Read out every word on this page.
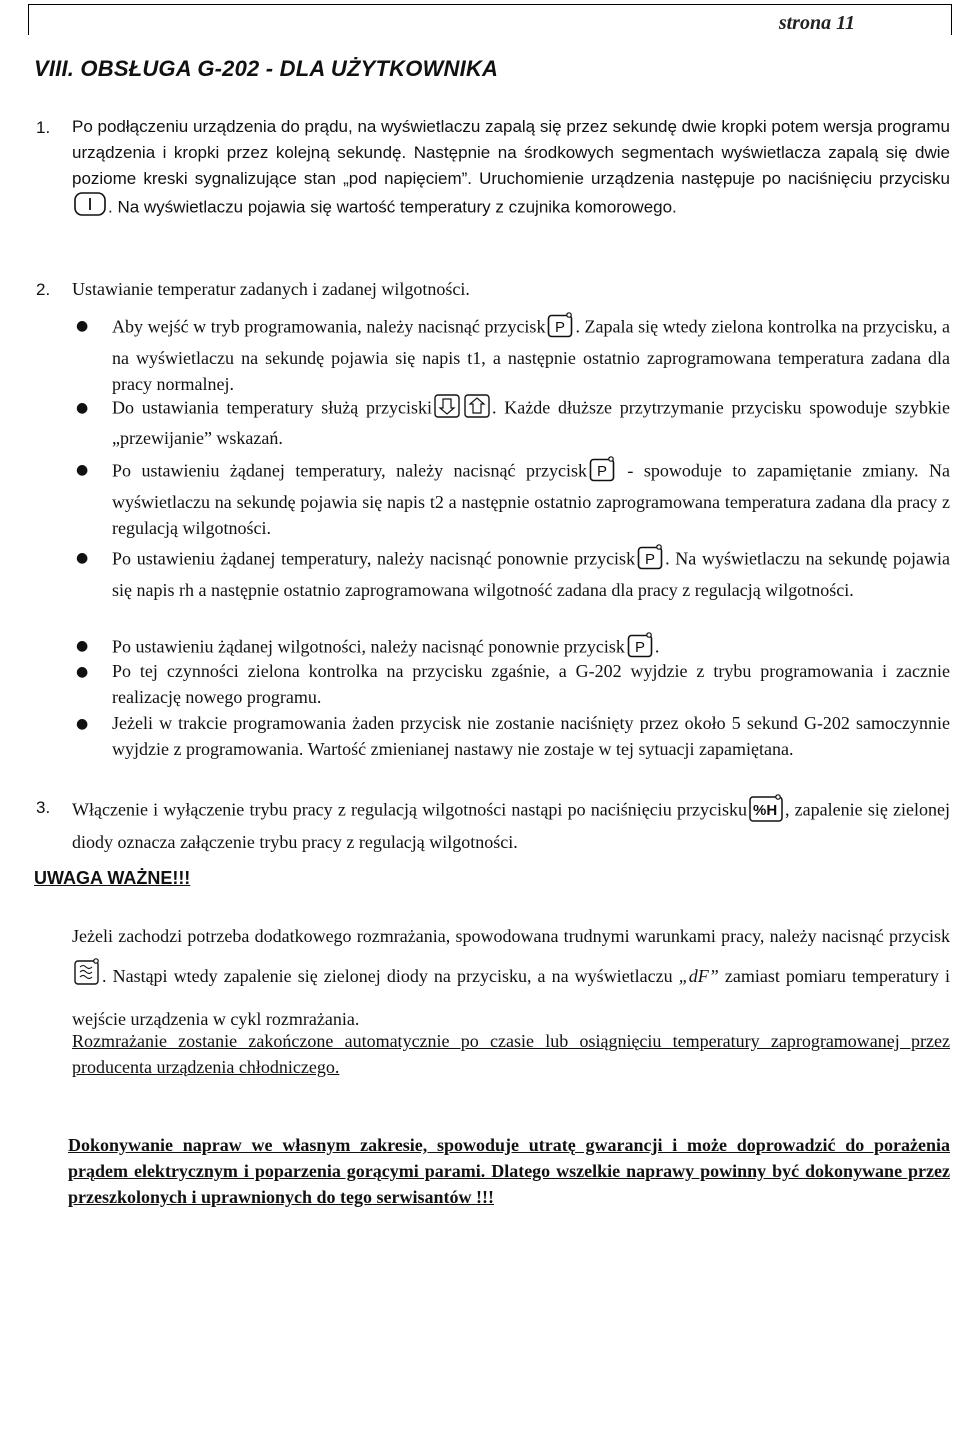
strona 11
VIII. OBSŁUGA G-202 - DLA UŻYTKOWNIKA
1. Po podłączeniu urządzenia do prądu, na wyświetlaczu zapalą się przez sekundę dwie kropki potem wersja programu urządzenia i kropki przez kolejną sekundę. Następnie na środkowych segmentach wyświetlacza zapalą się dwie poziome kreski sygnalizujące stan „pod napięciem”. Uruchomienie urządzenia następuje po naciśnięciu przycisku. Na wyświetlaczu pojawia się wartość temperatury z czujnika komorowego.
2. Ustawianie temperatur zadanych i zadanej wilgotności.
● Aby wejść w tryb programowania, należy nacisnąć przycisk . Zapala się wtedy zielona kontrolka na przycisku, a na wyświetlaczu na sekundę pojawia się napis t1, a następnie ostatnio zaprogramowana temperatura zadana dla pracy normalnej.
● Do ustawiania temperatury służą przyciski	. Każde dłuższe przytrzymanie przycisku spowoduje szybkie „przewijanie” wskazań.
● Po ustawieniu żądanej temperatury, należy nacisnąć przycisk - spowoduje to zapamiętanie zmiany. Na wyświetlaczu na sekundę pojawia się napis t2 a następnie ostatnio zaprogramowana temperatura zadana dla pracy z regulacją wilgotności.
● Po ustawieniu żądanej temperatury, należy nacisnąć ponownie przycisk . Na wyświetlaczu na sekundę pojawia się napis rh a następnie ostatnio zaprogramowana wilgotność zadana dla pracy z regulacją wilgotności.
● Po ustawieniu żądanej wilgotności, należy nacisnąć ponownie przycisk .
● Po tej czynności zielona kontrolka na przycisku zgaśnie, a G-202 wyjdzie z trybu programowania i zacznie realizację nowego programu.
● Jeżeli w trakcie programowania żaden przycisk nie zostanie naciśnięty przez około 5 sekund G-202 samoczynnie wyjdzie z programowania. Wartość zmienianej nastawy nie zostaje w tej sytuacji zapamiętana.
3. Włączenie i wyłączenie trybu pracy z regulacją wilgotności nastąpi po naciśnięciu przycisku %H , zapalenie się zielonej diody oznacza załączenie trybu pracy z regulacją wilgotności.
UWAGA WAŻNE!!!
Jeżeli zachodzi potrzeba dodatkowego rozmrażania, spowodowana trudnymi warunkami pracy, należy nacisnąć przycisk. Nastąpi wtedy zapalenie się zielonej diody na przycisku, a na wyświetlaczu „dF” zamiast pomiaru temperatury i wejście urządzenia w cykl rozmrażania.
Rozmrażanie zostanie zakończone automatycznie po czasie lub osiągnięciu temperatury zaprogramowanej przez producenta urządzenia chłodniczego.
Dokonywanie napraw we własnym zakresie, spowoduje utratę gwarancji i może doprowadzić do porażenia prądem elektrycznym i poparzenia gorącymi parami. Dlatego wszelkie naprawy powinny być dokonywane przez przeszkolonych i uprawnionych do tego serwisantów !!!
